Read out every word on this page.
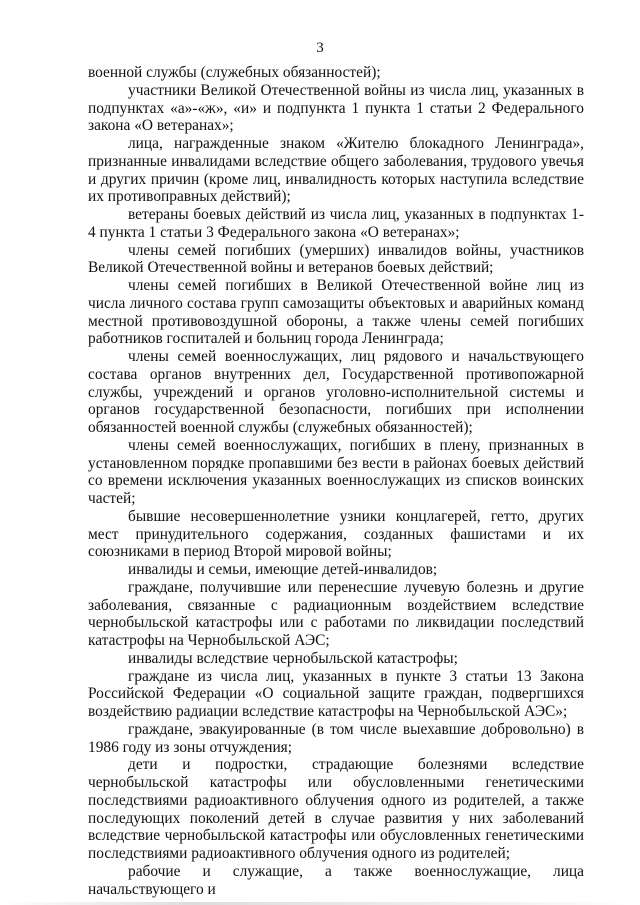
3

военной службы (служебных обязанностей);

участники Великой Отечественной войны из числа лиц, указанных в подпунктах «а»-«ж», «и» и подпункта 1 пункта 1 статьи 2 Федерального закона «О ветеранах»;

лица, награжденные знаком «Жителю блокадного Ленинграда», признанные инвалидами вследствие общего заболевания, трудового увечья и других причин (кроме лиц, инвалидность которых наступила вследствие их противоправных действий);

ветераны боевых действий из числа лиц, указанных в подпунктах 1-4 пункта 1 статьи 3 Федерального закона «О ветеранах»;

члены семей погибших (умерших) инвалидов войны, участников Великой Отечественной войны и ветеранов боевых действий;

члены семей погибших в Великой Отечественной войне лиц из числа личного состава групп самозащиты объектовых и аварийных команд местной противовоздушной обороны, а также члены семей погибших работников госпиталей и больниц города Ленинграда;

члены семей военнослужащих, лиц рядового и начальствующего состава органов внутренних дел, Государственной противопожарной службы, учреждений и органов уголовно-исполнительной системы и органов государственной безопасности, погибших при исполнении обязанностей военной службы (служебных обязанностей);

члены семей военнослужащих, погибших в плену, признанных в установленном порядке пропавшими без вести в районах боевых действий со времени исключения указанных военнослужащих из списков воинских частей;

бывшие несовершеннолетние узники концлагерей, гетто, других мест принудительного содержания, созданных фашистами и их союзниками в период Второй мировой войны;

инвалиды и семьи, имеющие детей-инвалидов;

граждане, получившие или перенесшие лучевую болезнь и другие заболевания, связанные с радиационным воздействием вследствие чернобыльской катастрофы или с работами по ликвидации последствий катастрофы на Чернобыльской АЭС;

инвалиды вследствие чернобыльской катастрофы;

граждане из числа лиц, указанных в пункте 3 статьи 13 Закона Российской Федерации «О социальной защите граждан, подвергшихся воздействию радиации вследствие катастрофы на Чернобыльской АЭС»;

граждане, эвакуированные (в том числе выехавшие добровольно) в 1986 году из зоны отчуждения;

дети и подростки, страдающие болезнями вследствие чернобыльской катастрофы или обусловленными генетическими последствиями радиоактивного облучения одного из родителей, а также последующих поколений детей в случае развития у них заболеваний вследствие чернобыльской катастрофы или обусловленных генетическими последствиями радиоактивного облучения одного из родителей;

рабочие и служащие, а также военнослужащие, лица начальствующего и
